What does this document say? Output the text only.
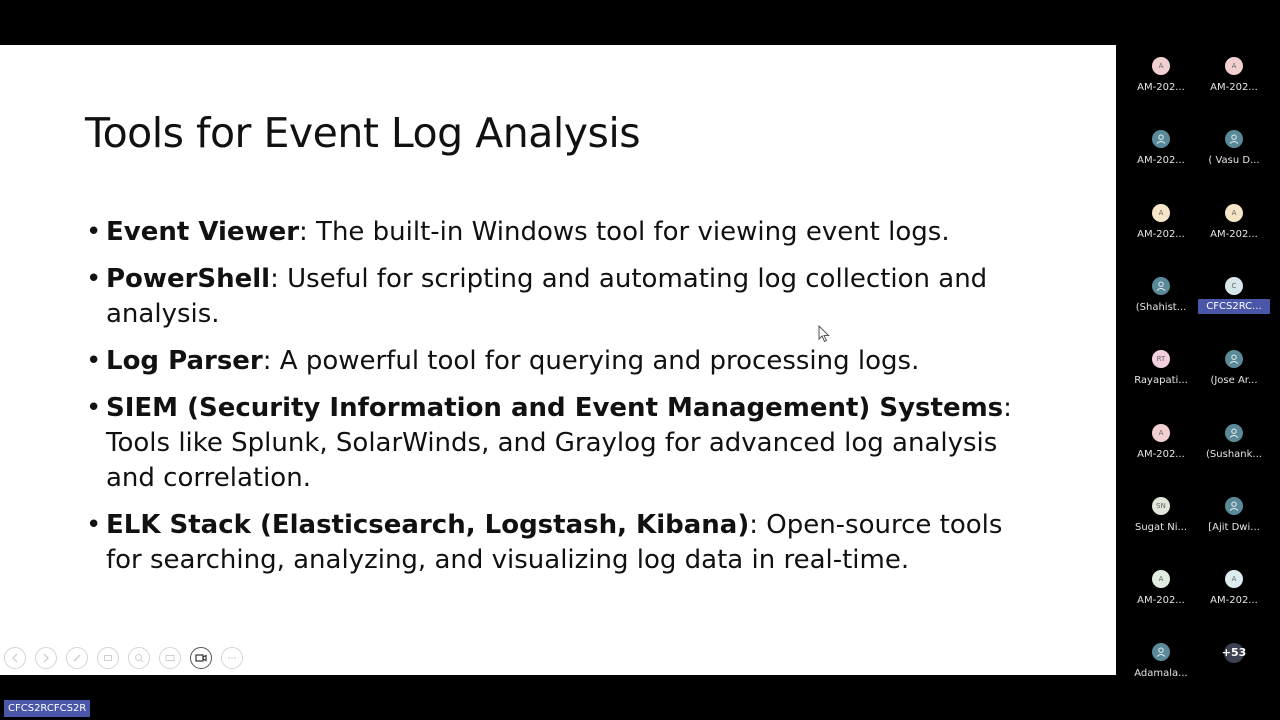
Tools for Event Log Analysis
• Event Viewer: The built-in Windows tool for viewing event logs.
• PowerShell: Useful for scripting and automating log collection and analysis.
• Log Parser: A powerful tool for querying and processing logs.
• SIEM (Security Information and Event Management) Systems: Tools like Splunk, SolarWinds, and Graylog for advanced log analysis and correlation.
• ELK Stack (Elasticsearch, Logstash, Kibana): Open-source tools for searching, analyzing, and visualizing log data in real-time.
A
AM-202...
A
AM-202...
AM-202...	( Vasu D...
A
AM-202...
A
AM-202...
(Shahist...
C
CFCS2RC...
RT
Rayapati...	(Jose Ar...
A
AM-202...	(Sushank...
SN
Sugat Ni...	[Ajit Dwi...
A
AM-202...
A
AM-202...
Adamala...
+53
CFCS2RCFCS2R
